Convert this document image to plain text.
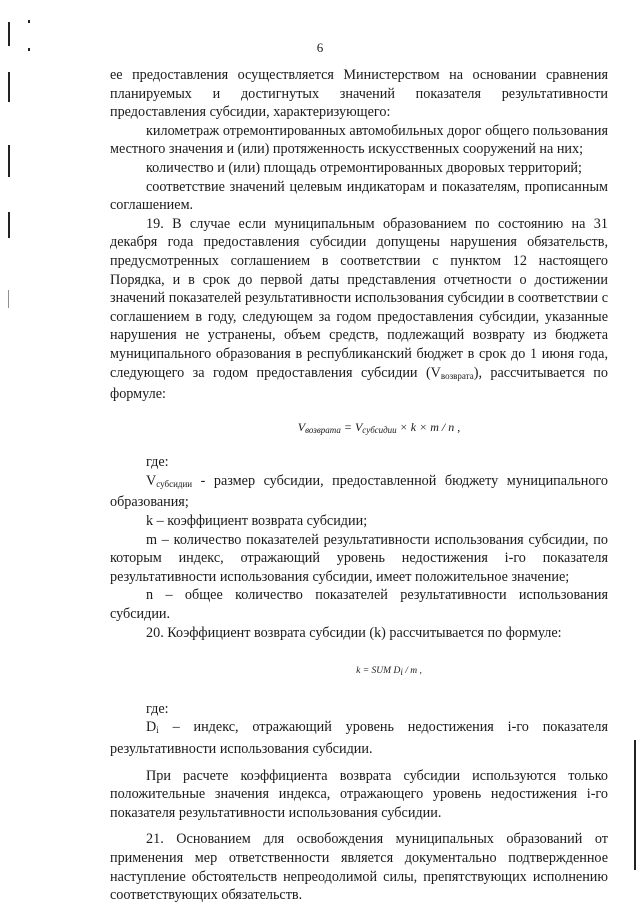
6

ее предоставления осуществляется Министерством на основании сравнения планируемых и достигнутых значений показателя результативности предоставления субсидии, характеризующего:

километраж отремонтированных автомобильных дорог общего пользования местного значения и (или) протяженность искусственных сооружений на них;

количество и (или) площадь отремонтированных дворовых территорий;

соответствие значений целевым индикаторам и показателям, прописанным соглашением.

19. В случае если муниципальным образованием по состоянию на 31 декабря года предоставления субсидии допущены нарушения обязательств, предусмотренных соглашением в соответствии с пунктом 12 настоящего Порядка, и в срок до первой даты представления отчетности о достижении значений показателей результативности использования субсидии в соответствии с соглашением в году, следующем за годом предоставления субсидии, указанные нарушения не устранены, объем средств, подлежащий возврату из бюджета муниципального образования в республиканский бюджет в срок до 1 июня года, следующего за годом предоставления субсидии $(V_{возврата})$, рассчитывается по формуле:

$V_{возврата} = V_{субсидии} \times k \times m / n$ ,

где:

$V_{субсидии}$ - размер субсидии, предоставленной бюджету муниципального образования;

k – коэффициент возврата субсидии;

m – количество показателей результативности использования субсидии, по которым индекс, отражающий уровень недостижения i-го показателя результативности использования субсидии, имеет положительное значение;

n – общее количество показателей результативности использования субсидии.

20. Коэффициент возврата субсидии (k) рассчитывается по формуле:

k = SUM Di / m ,

где:

$D_i$ – индекс, отражающий уровень недостижения i-го показателя результативности использования субсидии.

При расчете коэффициента возврата субсидии используются только положительные значения индекса, отражающего уровень недостижения i-го показателя результативности использования субсидии.

21. Основанием для освобождения муниципальных образований от применения мер ответственности является документально подтвержденное наступление обстоятельств непреодолимой силы, препятствующих исполнению соответствующих обязательств.
